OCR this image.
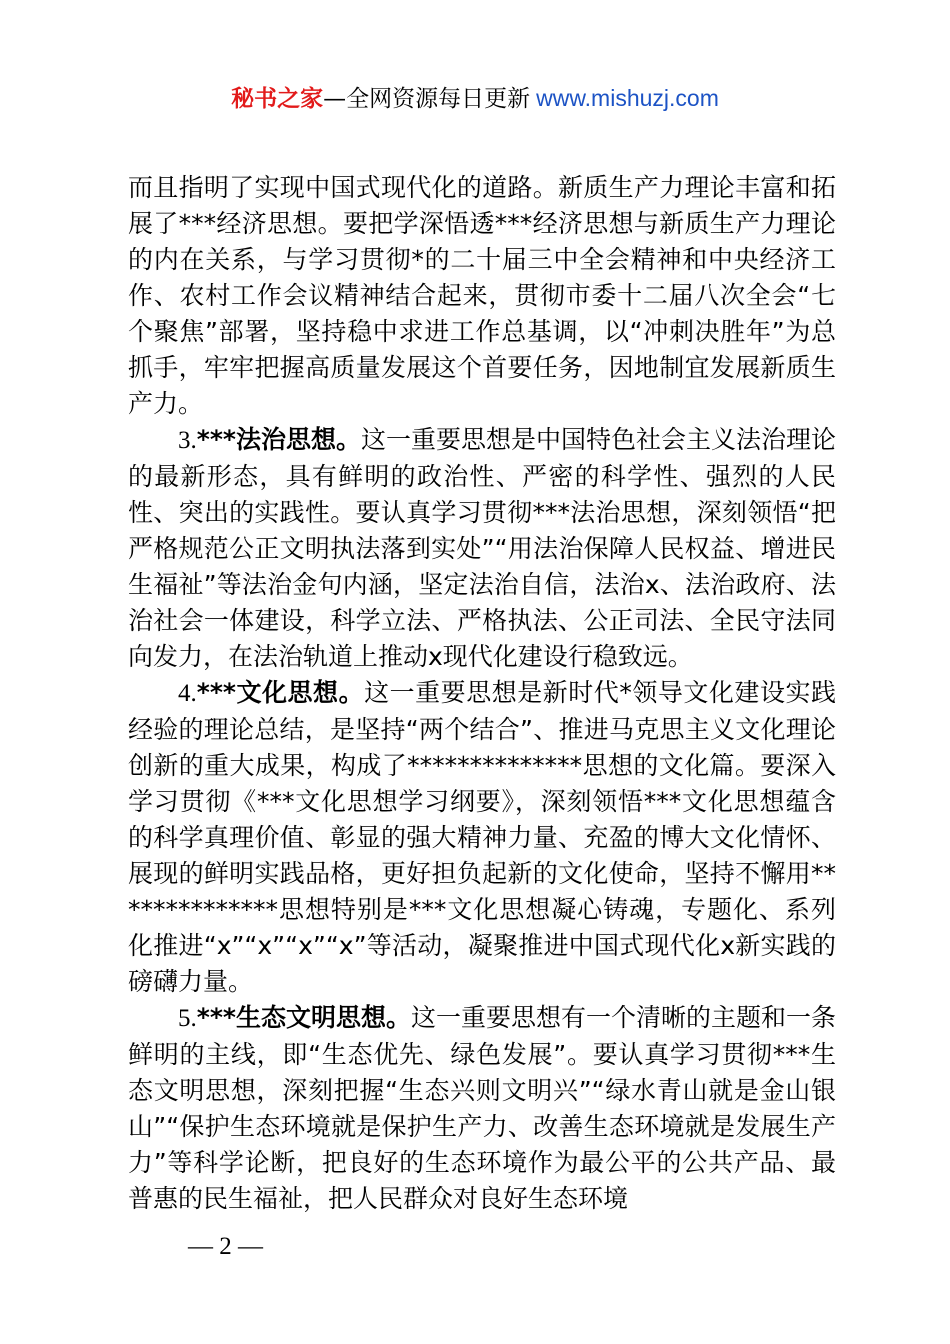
秘书之家—全网资源每日更新 www.mishuzj.com

而且指明了实现中国式现代化的道路。新质生产力理论丰富和拓展了***经济思想。要把学深悟透***经济思想与新质生产力理论的内在关系，与学习贯彻*的二十届三中全会精神和中央经济工作、农村工作会议精神结合起来，贯彻市委十二届八次全会“七个聚焦”部署，坚持稳中求进工作总基调，以“冲刺决胜年”为总抓手，牢牢把握高质量发展这个首要任务，因地制宜发展新质生产力。

3.***法治思想。这一重要思想是中国特色社会主义法治理论的最新形态，具有鲜明的政治性、严密的科学性、强烈的人民性、突出的实践性。要认真学习贯彻***法治思想，深刻领悟“把严格规范公正文明执法落到实处”“用法治保障人民权益、增进民生福祉”等法治金句内涵，坚定法治自信，法治x、法治政府、法治社会一体建设，科学立法、严格执法、公正司法、全民守法同向发力，在法治轨道上推动x现代化建设行稳致远。

4.***文化思想。这一重要思想是新时代*领导文化建设实践经验的理论总结，是坚持“两个结合”、推进马克思主义文化理论创新的重大成果，构成了**************思想的文化篇。要深入学习贯彻《***文化思想学习纲要》，深刻领悟***文化思想蕴含的科学真理价值、彰显的强大精神力量、充盈的博大文化情怀、展现的鲜明实践品格，更好担负起新的文化使命，坚持不懈用**************思想特别是***文化思想凝心铸魂，专题化、系列化推进“x”“x”“x”“x”等活动，凝聚推进中国式现代化x新实践的磅礴力量。

5.***生态文明思想。这一重要思想有一个清晰的主题和一条鲜明的主线，即“生态优先、绿色发展”。要认真学习贯彻***生态文明思想，深刻把握“生态兴则文明兴”“绿水青山就是金山银山”“保护生态环境就是保护生产力、改善生态环境就是发展生产力”等科学论断，把良好的生态环境作为最公平的公共产品、最普惠的民生福祉，把人民群众对良好生态环境

— 2 —
